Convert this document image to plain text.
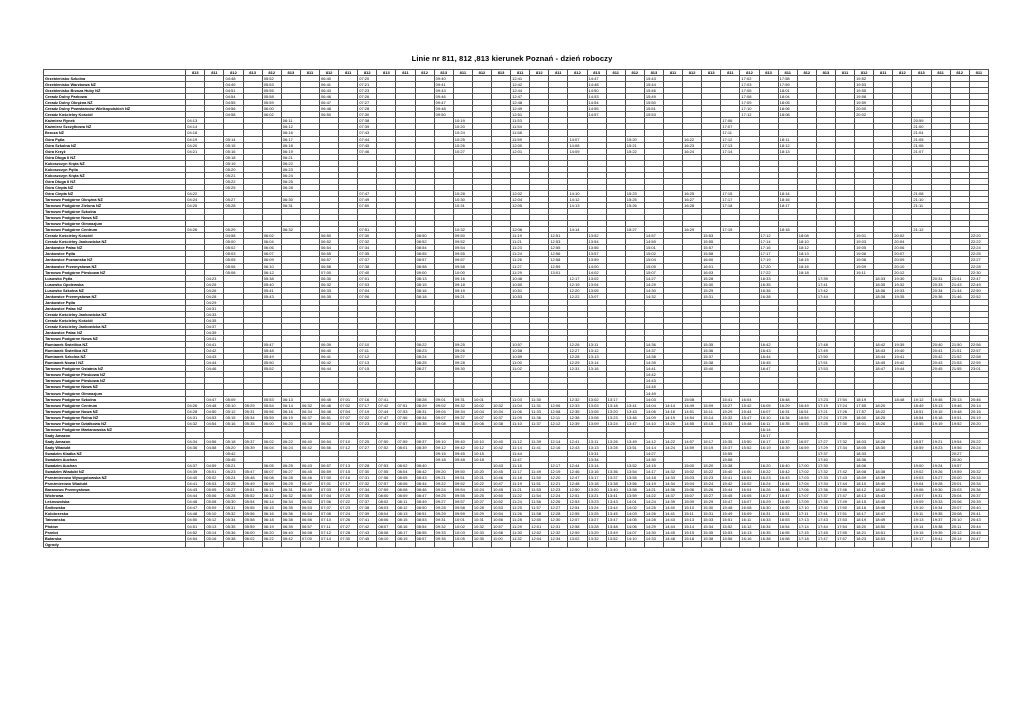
Linie nr 811, 812 ,813 kierunek Poznań - dzień roboczy
	813	811	812	813	812	813	811	812	811	812	813	811	812	813	811	812	813	811	812	811	812	813	811	812	813	811	812	813	811	812	813	811	812	813	811	812	811	812	813	811	812	811
Grzebienisko Szkolna			04:48		05:52			06:40		07:20				09:40				12:41				14:47			15:43					17:02		17:58				19:52						
Grzebienisko Warzbowa NŻ			04:49		05:53			06:41		07:21				09:41				12:42				14:48			15:44					17:03		17:59				19:53						
Grzebienisko Brzoza Huby NŻ			04:51		05:55			06:43		07:23				09:43				12:44				14:50			15:46					17:05		18:01				19:55						
Ceradz Dolny Parkowa			04:54		05:58			06:46		07:26				09:46				12:47				14:53			15:49					17:08		18:04				19:58						
Ceradz Dolny Okrężna NŻ			04:55		05:59			06:47		07:27				09:47				12:48				14:54			15:50					17:09		18:05				19:59						
Ceradz Dolny Powstańców Wielkopolskich NŻ			04:56		06:00			06:48		07:28				09:48				12:49				14:55			15:51					17:10		18:06				20:00						
Ceradz Kościelny Kościół			04:58		06:02			06:50		07:30				09:50				12:51				14:57			15:53					17:12		18:08				20:02						
Kaźmierz Rynek	04:13					06:11				07:38					10:19			11:53											17:06										20:59			
Kaźmierz Szczytkowa NŻ	04:14					06:12				07:39					10:20			11:54											17:07										21:00			
Brzoza NŻ	04:18					06:16				07:43					10:24			11:58											17:11										21:04			
Góra Pętla	04:19		05:14			06:17				07:44					10:25			11:59			14:07			15:20			16:22		17:12			18:11							21:05			
Góra Szkolna NŻ	04:20		05:15			06:18				07:45					10:26			12:00			14:08			15:21			16:23		17:13			18:12							21:06			
Góra Krzyż	04:21		05:16			06:19				07:46					10:27			12:01			14:09			15:22			16:24		17:14			18:13							21:07			
Góra Długa II NŻ			05:18			06:21																																				
Kokoszczyn Kręta NŻ			05:19			06:22																																				
Kokoszczyn Pętla			05:20			06:23																																				
Kokoszczyn Kręta NŻ			05:21			06:24																																				
Góra Długa II NŻ			05:22			06:25																																				
Góra Ciepła NŻ			05:25			06:28																																				
Góra Ciepła NŻ	04:22									07:47					10:28			12:02			14:10			15:23			16:25		17:15			18:14							21:08			
Tarnowo Podgórne Okrężna NŻ	04:24		05:27			06:30				07:49					10:30			12:04			14:12			15:25			16:27		17:17			18:16							21:10			
Tarnowo Podgórne Zielona NŻ	04:25		05:28			06:31				07:50					10:31			12:05			14:13			15:26			16:28		17:18			18:17							21:11			
Tarnowo Podgórne Szkolna																																										
Tarnowo Podgórne Nowa NŻ																																										
Tarnowo Podgórne Gimnazjum																																										
Tarnowo Podgórne Centrum	04:26		05:29			06:32				07:51					10:32			12:06			14:14			15:27			16:29		17:19			18:18							21:12			
Ceradz Kościelny Kościół			04:58		06:02			06:50		07:30			08:50		09:50			11:19		12:51		13:52			14:57			15:53			17:12		18:08			19:01		20:02				22:20
Ceradz Kościelny Jankowicka NŻ			05:00		06:04			06:52		07:32			08:52		09:52			11:21		12:53		13:54			14:59			15:55			17:14		18:10			19:03		20:04				22:22
Jankowice Pałac NŻ			05:02		06:06			06:54		07:34			08:54		09:54			11:23		12:55		13:56			15:01			15:57			17:16		18:12			19:05		20:06				22:24
Jankowice Pętla			05:03		06:07			06:55		07:35			08:55		09:55			11:24		12:56		13:57			15:02			15:58			17:17		18:13			19:06		20:07				22:25
Jankowice Poznańska NŻ			05:05		06:09			06:57		07:37			08:57		09:57			11:26		12:58		13:59			15:04			16:00			17:19		18:15			19:08		20:09				22:27
Jankowice Przemysłowa NŻ			05:06		06:10			06:58		07:38			08:58		09:58			11:27		12:59		14:00			15:05			16:01			17:20		18:16			19:09		20:10				22:28
Tarnowo Podgórne Pieskowa NŻ			05:08		06:12			07:00		07:40			09:00		10:00			11:29		13:01		14:02			15:07			16:03			17:22		18:18			19:11		20:12				22:30
Lusowko Pętla		04:23			05:38			06:30		07:01			08:13		09:16			10:48			12:17	13:02			14:27			15:28			16:33			17:39			18:33	19:30		20:31	21:41	22:47
Lusowko Opolewska		04:25			05:40			06:32		07:03			08:15		09:18			10:50			12:19	13:04			14:29			15:30			16:35			17:41			18:35	19:32		20:33	21:43	22:49
Lusowko Szkolna NŻ		04:26			05:41			06:33		07:04			08:16		09:19			10:51			12:20	13:05			14:30			15:29			16:36			17:42			18:36	19:33		20:34	21:44	22:50
Jankowice Przemysłowa NŻ		04:28			05:43			06:35		07:06			08:18		09:21			10:53			12:22	13:07			14:32			15:31			16:38			17:44			18:38	19:35		20:36	21:46	22:52
Jankowice Pętla		04:29																																								
Jankowice Pałac NŻ		04:31																																								
Ceradz Kościelny Jankowicka NŻ		04:33																																								
Ceradz Kościelny Kościół		04:35																																								
Ceradz Kościelny Jankowicka NŻ		04:37																																								
Jankowice Pałac NŻ		04:39																																								
Tarnowo Podgórne Nowa NŻ		04:41																																								
Rumianek Świetlica NŻ		04:41			05:47			06:39		07:10			08:22		09:25			10:57			12:26	13:11			14:36			15:35			16:42			17:48			18:42	19:39		20:40	21:50	22:56
Rumianek Świetlica NŻ		04:42			05:48			06:40		07:11			08:23		09:26			10:58			12:27	13:12			14:37			15:36			16:43			17:49			18:43	19:40		20:41	21:51	22:57
Rumianek Szkolna NŻ		04:43			05:49			06:41		07:12			08:24		09:27			10:59			12:28	13:13			14:38			15:37			16:44			17:50			18:44	19:41		20:42	21:52	22:58
Rumianek Nowa I NŻ		04:44			05:50			06:42		07:13			08:25		09:28			11:00			12:29	13:14			14:39			15:38			16:45			17:51			18:45	19:42		20:43	21:53	22:59
Tarnowo Podgórne Ostatnia NŻ		04:46			05:52			06:44		07:15			08:27		09:30			11:02			12:31	13:16			14:41			15:40			16:47			17:53			18:47	19:44		20:45	21:55	23:01
Tarnowo Podgórne Pieskowa NŻ																									14:42																	
Tarnowo Podgórne Pieskowa NŻ																									14:43																	
Tarnowo Podgórne Nowa NŻ																									14:45																	
Tarnowo Podgórne Gimnazjum																									14:49																	
Tarnowo Podgórne Szkolna		04:47	05:09		05:53	06:13		06:45	07:01	07:16	07:41		08:28	09:01	09:31	10:01		11:03	11:30		12:32	13:02	13:17		14:03		15:08		15:41	16:04		16:48		17:23	17:54	18:19		18:48	19:12	19:45	20:13	20:46
Tarnowo Podgórne Centrum	04:26	04:48	05:10	05:29	05:54	06:14	06:32	06:46	07:02	07:17	07:42	07:51	08:29	09:02	09:32	10:02	10:32	11:04	11:31	12:06	12:33	13:03	13:18	13:41	14:04	14:14	14:49	15:09	15:27	15:42	16:05	16:29	16:49	17:19	17:24	17:55	18:20		18:49	19:13	19:46	20:14
Tarnowo Podgórne Nowa NŻ	04:28	04:50	05:12	05:31	05:56	06:16	06:34	06:48	07:04	07:19	07:44	07:53	08:31	09:04	09:34	10:04	10:34	11:06	11:33	12:08	12:35	13:05	13:20	13:43	14:06	14:16	14:51	15:11	15:29	15:44	16:07	16:31	16:51	17:21	17:26	17:57	18:22		18:51	19:15	19:48	20:16
Tarnowo Podgórne Rolna NŻ	04:31	04:53	05:15	05:34	05:59	06:19	06:37	06:51	07:07	07:22	07:47	07:56	08:34	09:07	09:37	10:07	10:37	11:09	11:36	12:11	12:38	13:08	13:23	13:46	14:09	14:19	14:54	15:14	15:32	15:47	16:10	16:34	16:54	17:24	17:29	18:00	18:25		18:54	19:18	19:51	20:19
Tarnowo Podgórne Działkowa NŻ	04:32	04:54	05:16	05:35	06:00	06:20	06:38	06:52	07:08	07:23	07:48	07:57	08:35	09:08	09:38	10:08	10:38	11:10	11:37	12:12	12:39	13:09	13:24	13:47	14:10	14:20	14:55	15:15	15:33	15:48	16:11	16:35	16:55	17:25	17:30	18:01	18:26		18:55	19:19	19:52	20:20
Tarnowo Podgórne Marianowska NŻ																															16:14											
Sady Amazon																															16:17											
Sady Amazon	04:34	04:56	05:18	05:37	06:02	06:22	06:40	06:54	07:10	07:25	07:50	07:59	08:37	09:10	09:40	10:10	10:40	11:12	11:39	12:14	12:41	13:11	13:26	13:49	14:12	14:22	14:57	15:17	15:35	15:50	16:17	16:37	16:57	17:27	17:32	18:03	18:28		18:57	19:21	19:54	20:22
Sady Wiadukt	04:36	04:58	05:20	05:39	06:04	06:24	06:42	06:56	07:12	07:27	07:52	08:01	08:39	09:12	09:42	10:12	10:42	11:14	11:41	12:16	12:43	13:13	13:28	13:51	14:14	14:24	14:59	15:19	15:37	15:52	16:19	16:39	16:59	17:29	17:34	18:05	18:30		18:59	19:23	19:56	20:24
Swadzim Kladka NŻ			05:42											09:15	09:45	10:15		11:44				13:31			14:27				15:55					17:37		18:33					20:27	
Swadzim Auchan			05:45											09:18	09:48	10:18		11:47				13:34			14:30				15:58					17:40		18:36					20:30	
Swadzim Auchan	04:37	04:59	05:21		06:05	06:25	06:43	06:57	07:13	07:28	07:53	08:02	08:40				10:43	11:15		12:17	12:44	13:14		13:52	14:15		15:00	15:20	15:38		16:20	16:40	17:00	17:30		18:06			19:00	19:24	19:57	
Swadzim Wiadukt NŻ	04:39	05:01	05:23	05:47	06:07	06:27	06:45	06:59	07:15	07:30	07:55	08:04	08:42	09:20	09:50	10:20	10:45	11:17	11:49	12:19	12:46	13:16	13:36	13:54	14:17	14:32	15:02	15:22	15:40	16:00	16:22	16:42	17:02	17:32	17:42	18:08	18:38		19:02	19:26	19:59	20:32
Przeźmierowo Wysogotowska NŻ	04:40	05:02	05:24	05:48	06:08	06:28	06:46	07:00	07:16	07:31	07:56	08:05	08:43	09:21	09:51	10:21	10:46	11:18	11:50	12:20	12:47	13:17	13:37	13:55	14:18	14:33	15:03	15:23	15:41	16:01	16:23	16:43	17:03	17:33	17:43	18:09	18:39		19:03	19:27	20:00	20:33
Przeźmierowo Wiadukt	04:41	05:03	05:25	05:49	06:09	06:29	06:47	07:01	07:17	07:32	07:57	08:06	08:44	09:22	09:52	10:22	10:47	11:19	11:51	12:21	12:48	13:18	13:38	13:56	14:19	14:34	15:04	15:24	15:42	16:02	16:24	16:44	17:04	17:34	17:44	18:10	18:40		19:04	19:28	20:01	20:34
Baranowo Przemysłowa	04:43	05:05	05:27	05:51	06:11	06:31	06:49	07:03	07:19	07:34	07:59	08:08	08:46	09:24	09:54	10:24	10:49	11:21	11:53	12:23	12:50	13:20	13:40	13:58	14:21	14:36	15:06	15:26	15:44	16:04	16:26	16:46	17:06	17:36	17:46	18:12	18:42		19:06	19:30	20:03	20:36
Wichrowa	04:44	05:06	05:28	05:52	06:12	06:32	06:50	07:04	07:20	07:35	08:00	08:09	08:47	09:25	09:55	10:25	10:50	11:22	11:54	12:24	12:51	13:21	13:41	13:59	14:22	14:37	15:07	15:27	15:45	16:05	16:27	16:47	17:07	17:37	17:47	18:13	18:43		19:07	19:31	20:04	20:37
Leśnowolska	04:46	05:08	05:30	05:54	06:14	06:34	06:52	07:06	07:22	07:37	08:02	08:11	08:49	09:27	09:57	10:27	10:52	11:24	11:56	12:26	12:53	13:23	13:43	14:01	14:24	14:39	15:09	15:29	15:47	16:07	16:29	16:49	17:09	17:39	17:49	18:15	18:45		19:09	19:33	20:06	20:39
Śmiłowska	04:47	05:09	05:31	05:55	06:15	06:35	06:53	07:07	07:23	07:38	08:03	08:12	08:50	09:28	09:58	10:28	10:53	11:25	11:57	12:27	12:54	13:24	13:44	14:02	14:25	14:40	15:10	15:30	15:48	16:08	16:30	16:50	17:10	17:40	17:50	18:16	18:46		19:10	19:34	20:07	20:40
Kolobrzeska	04:48	05:10	05:32	05:56	06:16	06:36	06:54	07:08	07:24	07:39	08:04	08:13	08:51	09:29	09:59	10:29	10:54	11:26	11:58	12:28	12:55	13:25	13:45	14:03	14:26	14:41	15:11	15:31	15:49	16:09	16:31	16:51	17:11	17:41	17:51	18:17	18:47		19:11	19:35	20:08	20:41
Tatrzańska	04:50	05:12	05:34	05:58	06:18	06:38	06:56	07:10	07:26	07:41	08:06	08:15	08:53	09:31	10:01	10:31	10:56	11:28	12:00	12:30	12:57	13:27	13:47	14:05	14:28	14:43	15:13	15:33	15:51	16:11	16:33	16:53	17:13	17:43	17:53	18:19	18:49		19:13	19:37	20:10	20:43
Płotów	04:51	05:13	05:35	05:59	06:19	06:39	06:57	07:11	07:27	07:42	08:07	08:16	08:54	09:32	10:02	10:32	10:57	11:29	12:01	12:31	12:58	13:28	13:48	14:06	14:29	14:44	15:14	15:34	15:52	16:12	16:34	16:54	17:14	17:44	17:54	18:20	18:50		19:14	19:38	20:11	20:44
Przelot	04:52	05:14	05:36	06:00	06:20	06:40	06:58	07:12	07:28	07:43	08:08	08:17	08:55	09:33	10:03	10:33	10:58	11:30	12:02	12:32	12:59	13:29	13:49	14:07	14:30	14:45	15:15	15:35	15:53	16:13	16:35	16:55	17:15	17:45	17:55	18:21	18:51		19:15	19:39	20:12	20:45
Bułarska	04:54	05:16	05:38	06:02	06:22	06:42	07:00	07:14	07:30	07:45	08:10	08:19	08:57	09:35	10:05	10:35	11:00	11:32	12:04	12:34	13:02	13:32	13:52	14:10	14:33	14:48	15:18	15:38	15:56	16:16	16:38	16:58	17:18	17:47	17:57	18:23	18:53		19:17	19:41	20:14	20:47
Ogrody																																										
